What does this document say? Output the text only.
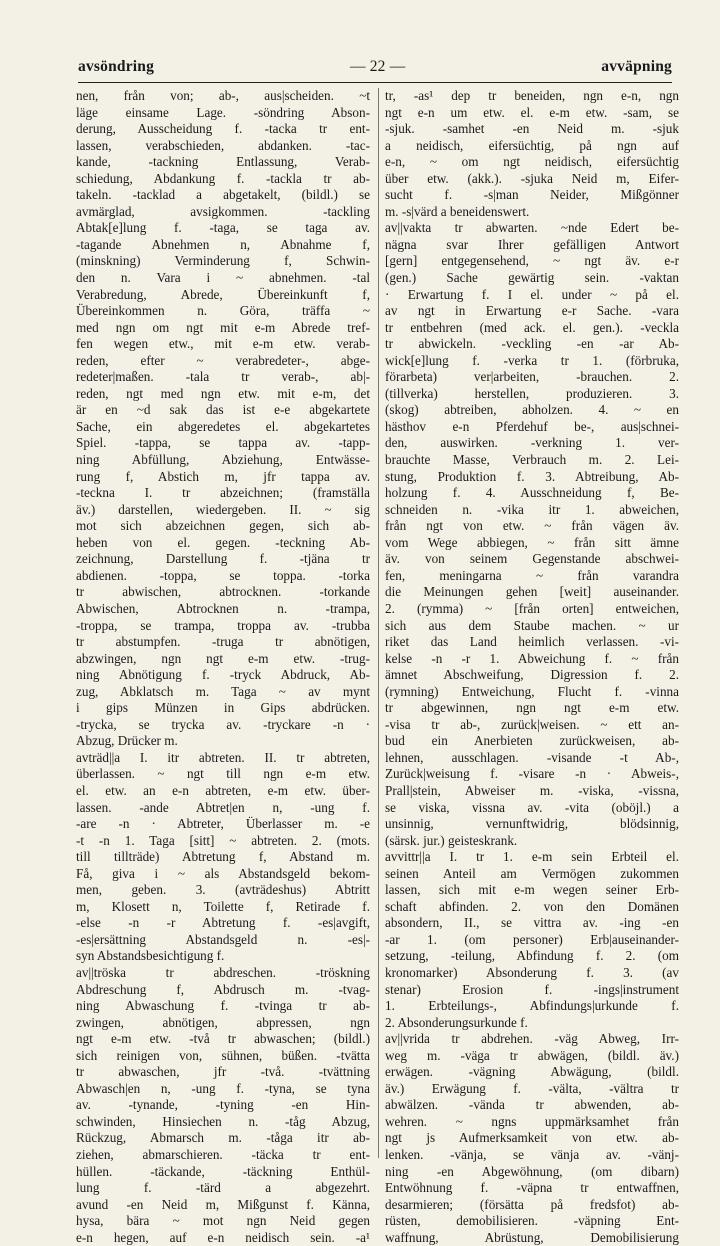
avsöndring	— 22 —	avväpning
nen, från von; ab-, aus|scheiden. ~t
läge einsame Lage. -söndring Abson-
derung, Ausscheidung f. -tacka tr ent-
lassen, verabschieden, abdanken. -tac-
kande, -tackning Entlassung, Verab-
schiedung, Abdankung f. -tackla tr ab-
takeln. -tacklad a abgetakelt, (bildl.) se
avmärglad, avsigkommen. -tackling
Abtak[e]lung f. -taga, se taga av.
-tagande Abnehmen n, Abnahme f,
(minskning) Verminderung f, Schwin-
den n. Vara i ~ abnehmen. -tal
Verabredung, Abrede, Übereinkunft f,
Übereinkommen n. Göra, träffa ~
med ngn om ngt mit e-m Abrede tref-
fen wegen etw., mit e-m etw. verab-
reden, efter ~ verabredeter-, abge-
redeter|maßen. -tala tr verab-, ab|-
reden, ngt med ngn etw. mit e-m, det
är en ~d sak das ist e-e abgekartete
Sache, ein abgeredetes el. abgekartetes
Spiel. -tappa, se tappa av. -tapp-
ning Abfüllung, Abziehung, Entwässe-
rung f, Abstich m, jfr tappa av.
-teckna I. tr abzeichnen; (framställa
äv.) darstellen, wiedergeben. II. ~ sig
mot sich abzeichnen gegen, sich ab-
heben von el. gegen. -teckning Ab-
zeichnung, Darstellung f. -tjäna tr
abdienen. -toppa, se toppa. -torka
tr abwischen, abtrocknen. -torkande
Abwischen, Abtrocknen n. -trampa,
-troppa, se trampa, troppa av. -trubba
tr abstumpfen. -truga tr abnötigen,
abzwingen, ngn ngt e-m etw. -trug-
ning Abnötigung f. -tryck Abdruck, Ab-
zug, Abklatsch m. Taga ~ av mynt
i gips Münzen in Gips abdrücken.
-trycka, se trycka av. -tryckare -n ·
Abzug, Drücker m.
avträd||a I. itr abtreten. II. tr abtreten,
überlassen. ~ ngt till ngn e-m etw.
el. etw. an e-n abtreten, e-m etw. über-
lassen. -ande Abtret|en n, -ung f.
-are -n · Abtreter, Überlasser m. -e
-t -n 1. Taga [sitt] ~ abtreten. 2. (mots.
till tillträde) Abtretung f, Abstand m.
Få, giva i ~ als Abstandsgeld bekom-
men, geben. 3. (avträdeshus) Abtritt
m, Klosett n, Toilette f, Retirade f.
-else -n -r Abtretung f. -es|avgift,
-es|ersättning Abstandsgeld n. -es|-
syn Abstandsbesichtigung f.
av||tröska tr abdreschen. -tröskning
Abdreschung f, Abdrusch m. -tvag-
ning Abwaschung f. -tvinga tr ab-
zwingen, abnötigen, abpressen, ngn
ngt e-m etw. -två tr abwaschen; (bildl.)
sich reinigen von, sühnen, büßen. -tvätta
tr abwaschen, jfr -två. -tvättning
Abwasch|en n, -ung f. -tyna, se tyna
av. -tynande, -tyning -en Hin-
schwinden, Hinsiechen n. -tåg Abzug,
Rückzug, Abmarsch m. -tåga itr ab-
ziehen, abmarschieren. -täcka tr ent-
hüllen. -täckande, -täckning Enthül-
lung f. -tärd a abgezehrt.
avund -en Neid m, Mißgunst f. Känna,
hysa, bära ~ mot ngn Neid gegen
e-n hegen, auf e-n neidisch sein. -a¹
tr, -as¹ dep tr beneiden, ngn e-n, ngn
ngt e-n um etw. el. e-m etw. -sam, se
-sjuk. -samhet -en Neid m. -sjuk
a neidisch, eifersüchtig, på ngn auf
e-n, ~ om ngt neidisch, eifersüchtig
über etw. (akk.). -sjuka Neid m, Eifer-
sucht f. -s|man Neider, Mißgönner
m. -s|värd a beneidenswert.
av||vakta tr abwarten. ~nde Edert be-
nägna svar Ihrer gefälligen Antwort
[gern] entgegensehend, ~ ngt äv. e-r
(gen.) Sache gewärtig sein. -vaktan
· Erwartung f. I el. under ~ på el.
av ngt in Erwartung e-r Sache. -vara
tr entbehren (med ack. el. gen.). -veckla
tr abwickeln. -veckling -en -ar Ab-
wick[e]lung f. -verka tr 1. (förbruka,
förarbeta) ver|arbeiten, -brauchen. 2.
(tillverka) herstellen, produzieren. 3.
(skog) abtreiben, abholzen. 4. ~ en
hästhov e-n Pferdehuf be-, aus|schnei-
den, auswirken. -verkning 1. ver-
brauchte Masse, Verbrauch m. 2. Lei-
stung, Produktion f. 3. Abtreibung, Ab-
holzung f. 4. Ausschneidung f, Be-
schneiden n. -vika itr 1. abweichen,
från ngt von etw. ~ från vägen äv.
vom Wege abbiegen, ~ från sitt ämne
äv. von seinem Gegenstande abschwei-
fen, meningarna ~ från varandra
die Meinungen gehen [weit] auseinander.
2. (rymma) ~ [från orten] entweichen,
sich aus dem Staube machen. ~ ur
riket das Land heimlich verlassen. -vi-
kelse -n -r 1. Abweichung f. ~ från
ämnet Abschweifung, Digression f. 2.
(rymning) Entweichung, Flucht f. -vinna
tr abgewinnen, ngn ngt e-m etw.
-visa tr ab-, zurück|weisen. ~ ett an-
bud ein Anerbieten zurückweisen, ab-
lehnen, ausschlagen. -visande -t Ab-,
Zurück|weisung f. -visare -n · Abweis-,
Prall|stein, Abweiser m. -viska, -vissna,
se viska, vissna av. -vita (oböjl.) a
unsinnig, vernunftwidrig, blödsinnig,
(särsk. jur.) geisteskrank.
avvittr||a I. tr 1. e-m sein Erbteil el.
seinen Anteil am Vermögen zukommen
lassen, sich mit e-m wegen seiner Erb-
schaft abfinden. 2. von den Domänen
absondern, II., se vittra av. -ing -en
-ar 1. (om personer) Erb|auseinander-
setzung, -teilung, Abfindung f. 2. (om
kronomarker) Absonderung f. 3. (av
stenar) Erosion f. -ings|instrument
1. Erbteilungs-, Abfindungs|urkunde f.
2. Absonderungsurkunde f.
av||vrida tr abdrehen. -väg Abweg, Irr-
weg m. -väga tr abwägen, (bildl. äv.)
erwägen. -vägning Abwägung, (bildl.
äv.) Erwägung f. -välta, -vältra tr
abwälzen. -vända tr abwenden, ab-
wehren. ~ ngns uppmärksamhet från
ngt js Aufmerksamkeit von etw. ab-
lenken. -vänja, se vänja av. -vänj-
ning -en Abgewöhnung, (om dibarn)
Entwöhnung f. -väpna tr entwaffnen,
desarmieren; (försätta på fredsfot) ab-
rüsten, demobilisieren. -väpning Ent-
waffnung, Abrüstung, Demobilisierung
